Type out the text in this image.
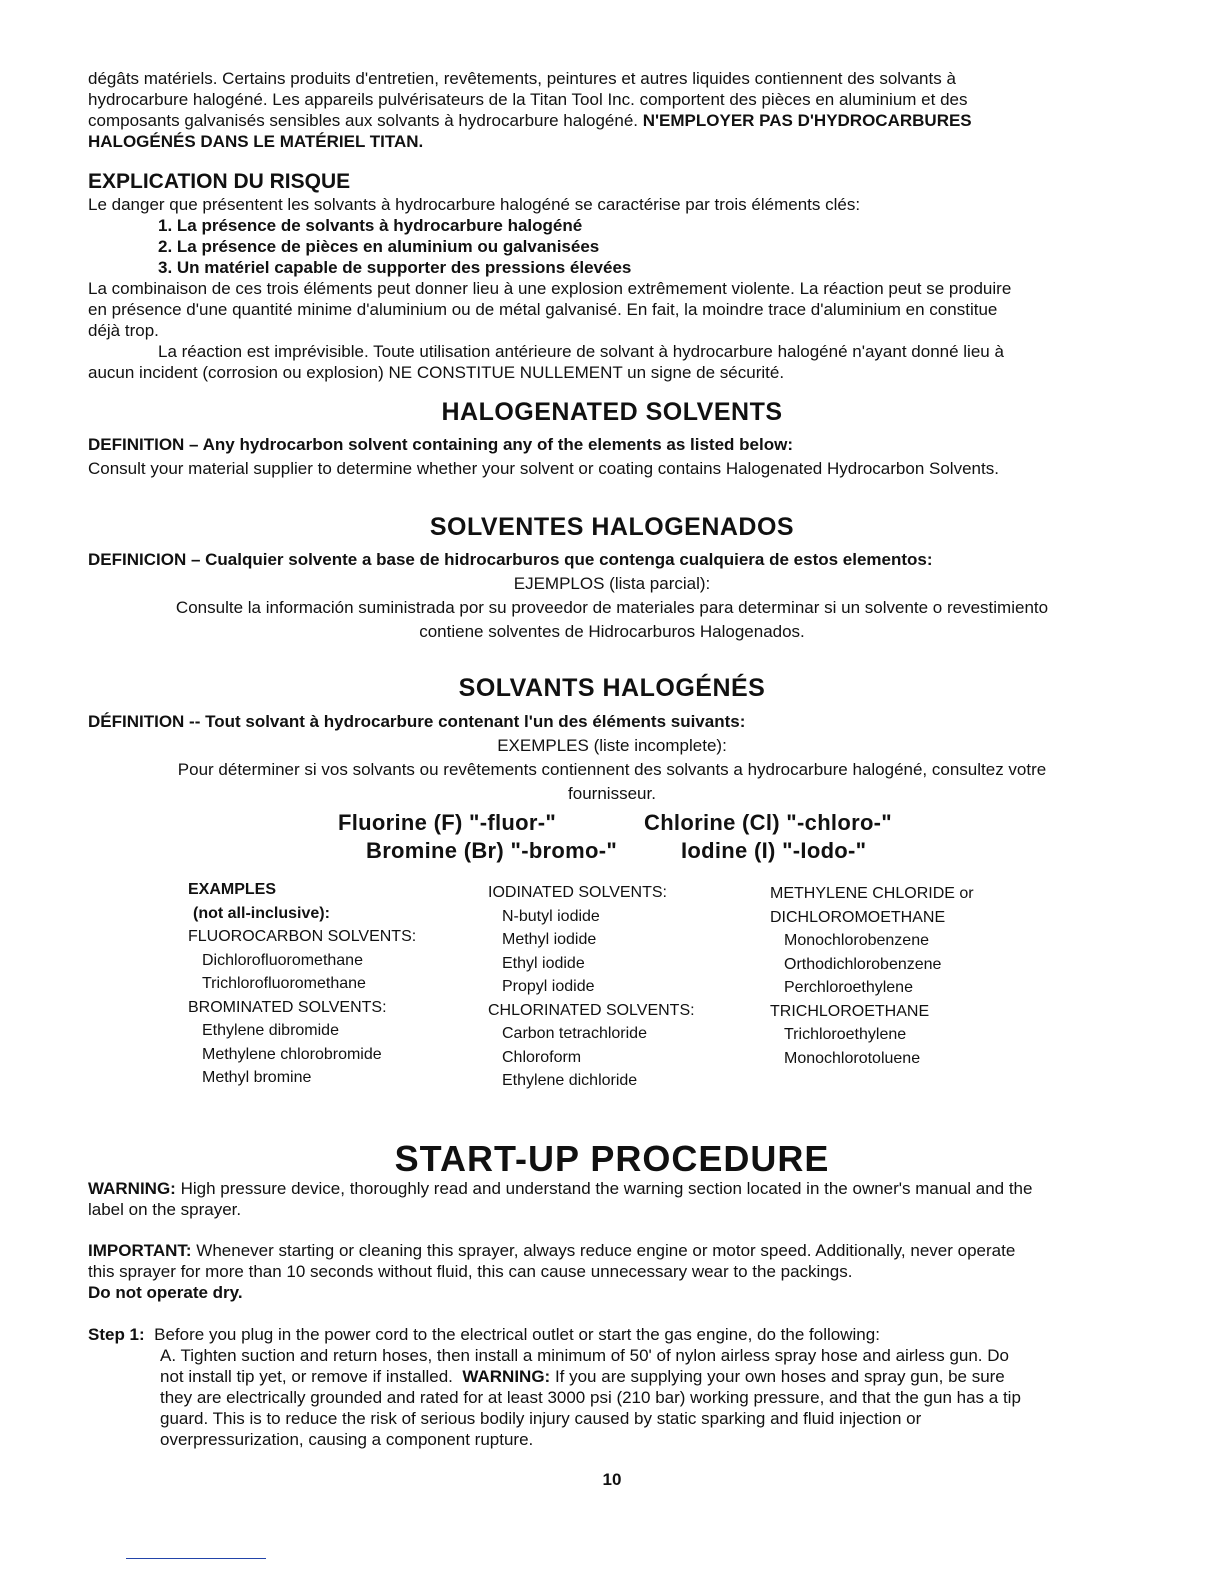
dégâts matériels. Certains produits d'entretien, revêtements, peintures et autres liquides contiennent des solvants à
hydrocarbure halogéné. Les appareils pulvérisateurs de la Titan Tool Inc. comportent des pièces en aluminium et des
composants galvanisés sensibles aux solvants à hydrocarbure halogéné. N'EMPLOYER PAS D'HYDROCARBURES
HALOGÉNÉS DANS LE MATÉRIEL TITAN.
EXPLICATION DU RISQUE
Le danger que présentent les solvants à hydrocarbure halogéné se caractérise par trois éléments clés:
1. La présence de solvants à hydrocarbure halogéné
2. La présence de pièces en aluminium ou galvanisées
3. Un matériel capable de supporter des pressions élevées
La combinaison de ces trois éléments peut donner lieu à une explosion extrêmement violente. La réaction peut se produire
en présence d'une quantité minime d'aluminium ou de métal galvanisé. En fait, la moindre trace d'aluminium en constitue
déjà trop.
La réaction est imprévisible. Toute utilisation antérieure de solvant à hydrocarbure halogéné n'ayant donné lieu à
aucun incident (corrosion ou explosion) NE CONSTITUE NULLEMENT un signe de sécurité.
HALOGENATED SOLVENTS
DEFINITION – Any hydrocarbon solvent containing any of the elements as listed below:
Consult your material supplier to determine whether your solvent or coating contains Halogenated Hydrocarbon Solvents.
SOLVENTES HALOGENADOS
DEFINICION – Cualquier solvente a base de hidrocarburos que contenga cualquiera de estos elementos:
EJEMPLOS (lista parcial):
Consulte la información suministrada por su proveedor de materiales para determinar si un solvente o revestimiento
contiene solventes de Hidrocarburos Halogenados.
SOLVANTS HALOGÉNÉS
DÉFINITION -- Tout solvant à hydrocarbure contenant l'un des éléments suivants:
EXEMPLES (liste incomplete):
Pour déterminer si vos solvants ou revêtements contiennent des solvants a hydrocarbure halogéné, consultez votre
fournisseur.
Fluorine (F) "-fluor-"	Chlorine (Cl) "-chloro-"
Bromine (Br) "-bromo-"	Iodine (I) "-Iodo-"
EXAMPLES
(not all-inclusive):
FLUOROCARBON SOLVENTS:
Dichlorofluoromethane
Trichlorofluoromethane
BROMINATED SOLVENTS:
Ethylene dibromide
Methylene chlorobromide
Methyl bromine
IODINATED SOLVENTS:
N-butyl iodide
Methyl iodide
Ethyl iodide
Propyl iodide
CHLORINATED SOLVENTS:
Carbon tetrachloride
Chloroform
Ethylene dichloride
METHYLENE CHLORIDE or
DICHLOROMOETHANE
Monochlorobenzene
Orthodichlorobenzene
Perchloroethylene
TRICHLOROETHANE
Trichloroethylene
Monochlorotoluene
START-UP PROCEDURE
WARNING: High pressure device, thoroughly read and understand the warning section located in the owner's manual and the
label on the sprayer.
IMPORTANT: Whenever starting or cleaning this sprayer, always reduce engine or motor speed. Additionally, never operate
this sprayer for more than 10 seconds without fluid, this can cause unnecessary wear to the packings.
Do not operate dry.
Step 1: Before you plug in the power cord to the electrical outlet or start the gas engine, do the following:
A. Tighten suction and return hoses, then install a minimum of 50' of nylon airless spray hose and airless gun. Do
not install tip yet, or remove if installed. WARNING: If you are supplying your own hoses and spray gun, be sure
they are electrically grounded and rated for at least 3000 psi (210 bar) working pressure, and that the gun has a tip
guard. This is to reduce the risk of serious bodily injury caused by static sparking and fluid injection or
overpressurization, causing a component rupture.
10
